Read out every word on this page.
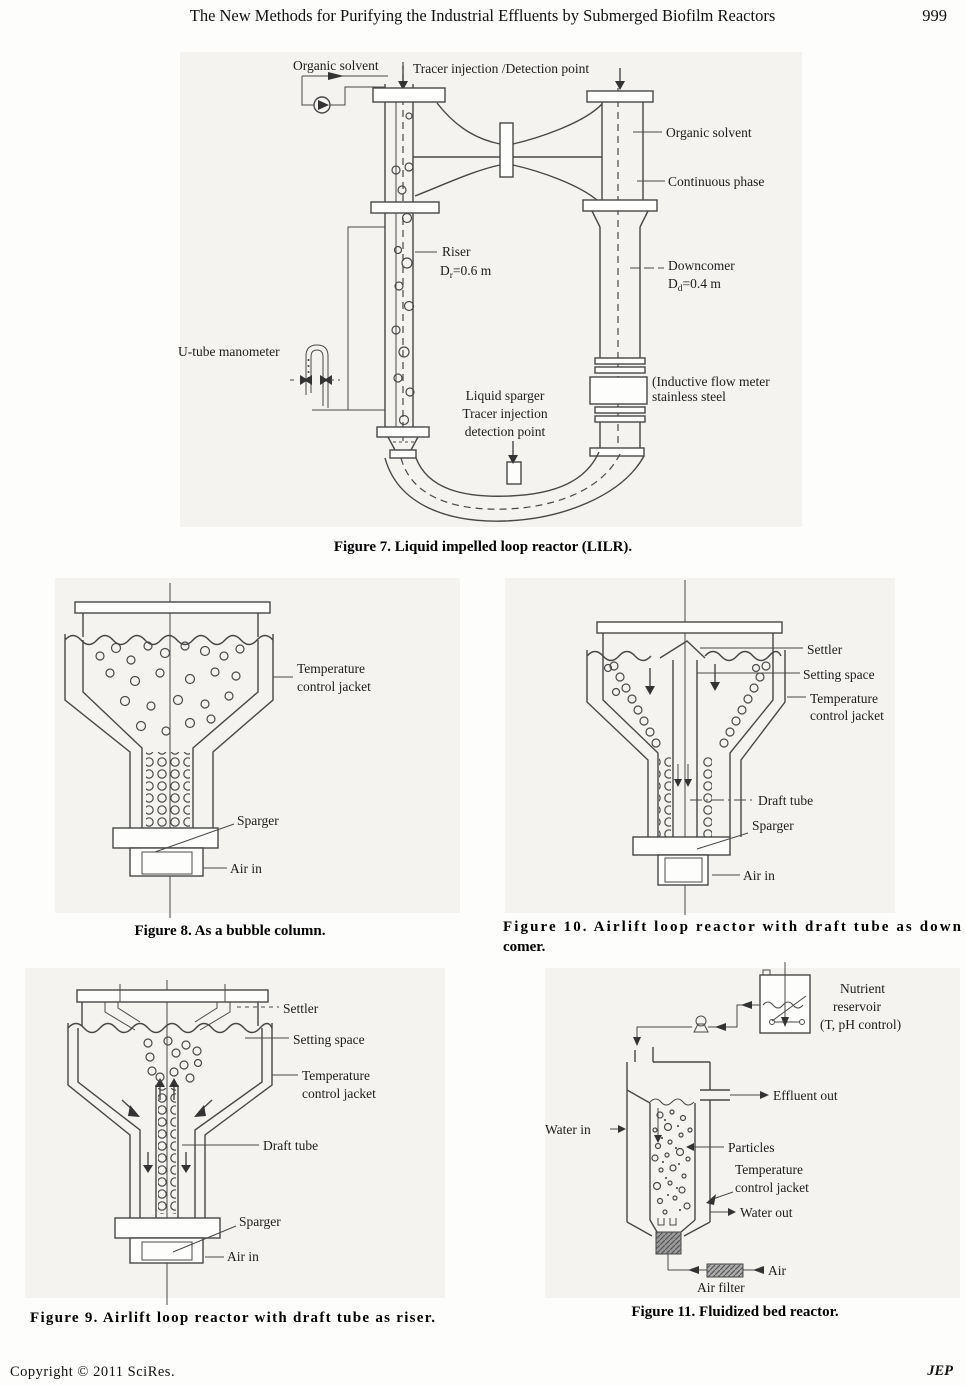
The New Methods for Purifying the Industrial Effluents by Submerged Biofilm Reactors	999
Organic solvent	Tracer injection /Detection point
Organic solvent
Continuous phase
Riser
$D_r=0.6$ m	Downcomer
$D_d=0.4$ m
U-tube manometer
Liquid sparger
Tracer injection
detection point
(Inductive flow meter
stainless steel
Figure 7. Liquid impelled loop reactor (LILR).
Temperature
control jacket
Sparger
Air in
Figure 8. As a bubble column.
Settler
Setting space
Temperature
control jacket
Draft tube
Sparger
Air in
Figure 10. Airlift loop reactor with draft tube as down
comer.
Settler
Setting space
Temperature
control jacket
Draft tube
Sparger
Air in
Figure 9. Airlift loop reactor with draft tube as riser.
Nutrient
reservoir
(T, pH control)
Effluent out
Water in
Particles
Temperature
control jacket
Water out
Air
Air filter
Figure 11. Fluidized bed reactor.
Copyright © 2011 SciRes.	JEP
